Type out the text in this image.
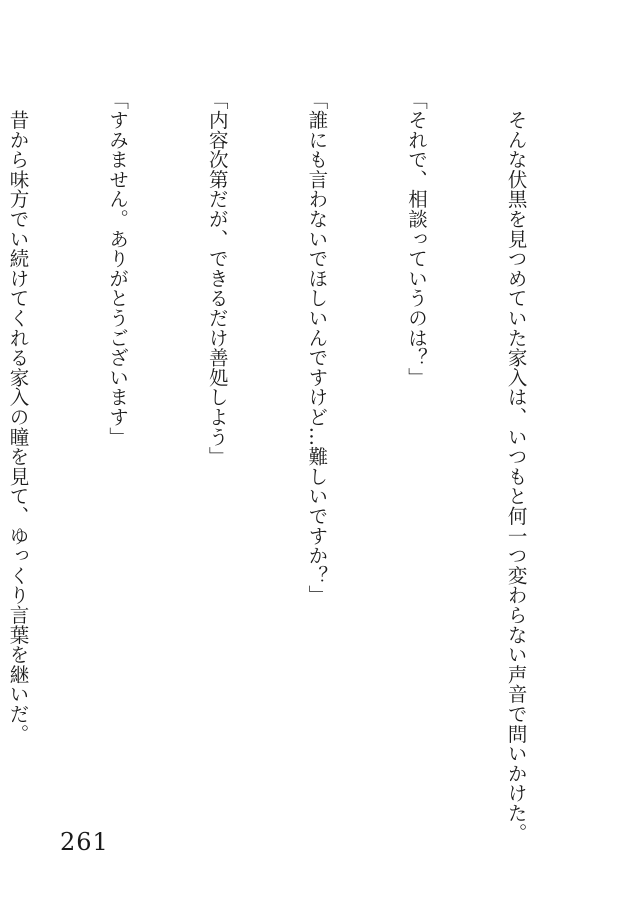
　そんな伏黒を見つめていた家入は、いつもと何一つ変わらない声音で問いかけた。

「それで、相談っていうのは？」

「誰にも言わないでほしいんですけど…難しいですか？」

「内容次第だが、できるだけ善処しよう」

「すみません。ありがとうございます」

　昔から味方でい続けてくれる家入の瞳を見て、ゆっくり言葉を継いだ。

261
